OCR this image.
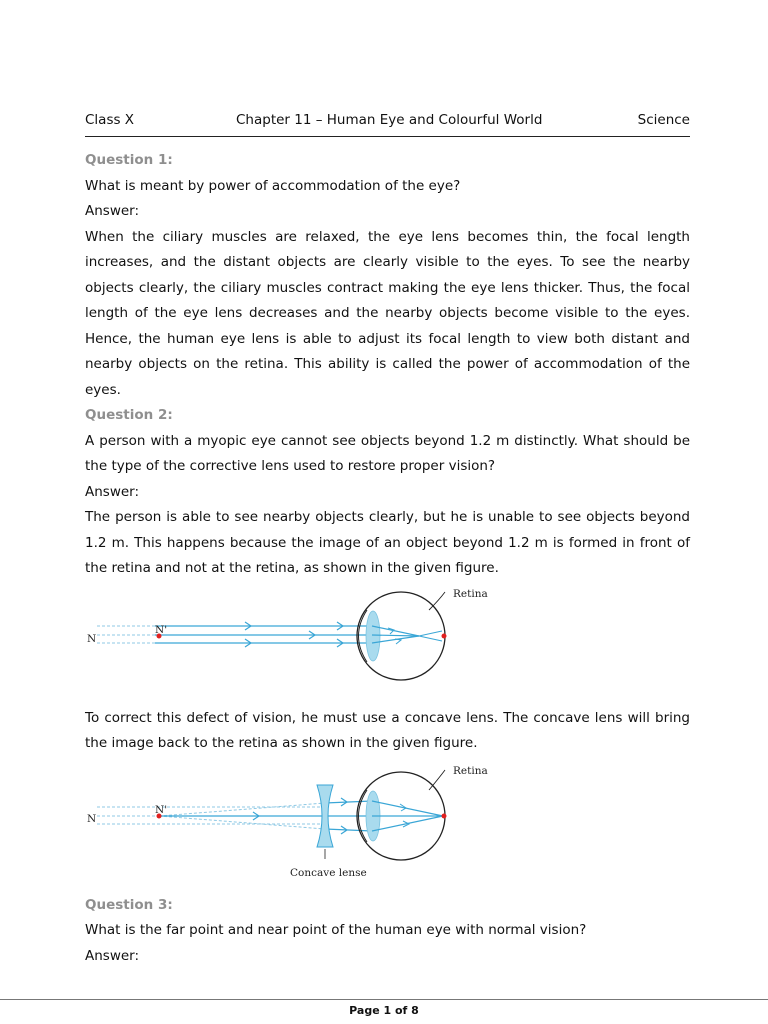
Class X	Chapter 11 – Human Eye and Colourful World	Science

Question 1:

What is meant by power of accommodation of the eye?

Answer:

When the ciliary muscles are relaxed, the eye lens becomes thin, the focal length increases, and the distant objects are clearly visible to the eyes. To see the nearby objects clearly, the ciliary muscles contract making the eye lens thicker. Thus, the focal length of the eye lens decreases and the nearby objects become visible to the eyes. Hence, the human eye lens is able to adjust its focal length to view both distant and nearby objects on the retina. This ability is called the power of accommodation of the eyes.

Question 2:

A person with a myopic eye cannot see objects beyond 1.2 m distinctly. What should be the type of the corrective lens used to restore proper vision?

Answer:

The person is able to see nearby objects clearly, but he is unable to see objects beyond 1.2 m. This happens because the image of an object beyond 1.2 m is formed in front of the retina and not at the retina, as shown in the given figure.

Retina
N
N'

To correct this defect of vision, he must use a concave lens. The concave lens will bring the image back to the retina as shown in the given figure.

Retina
N
N'
Concave lense

Question 3:

What is the far point and near point of the human eye with normal vision?

Answer:

Page 1 of 8
